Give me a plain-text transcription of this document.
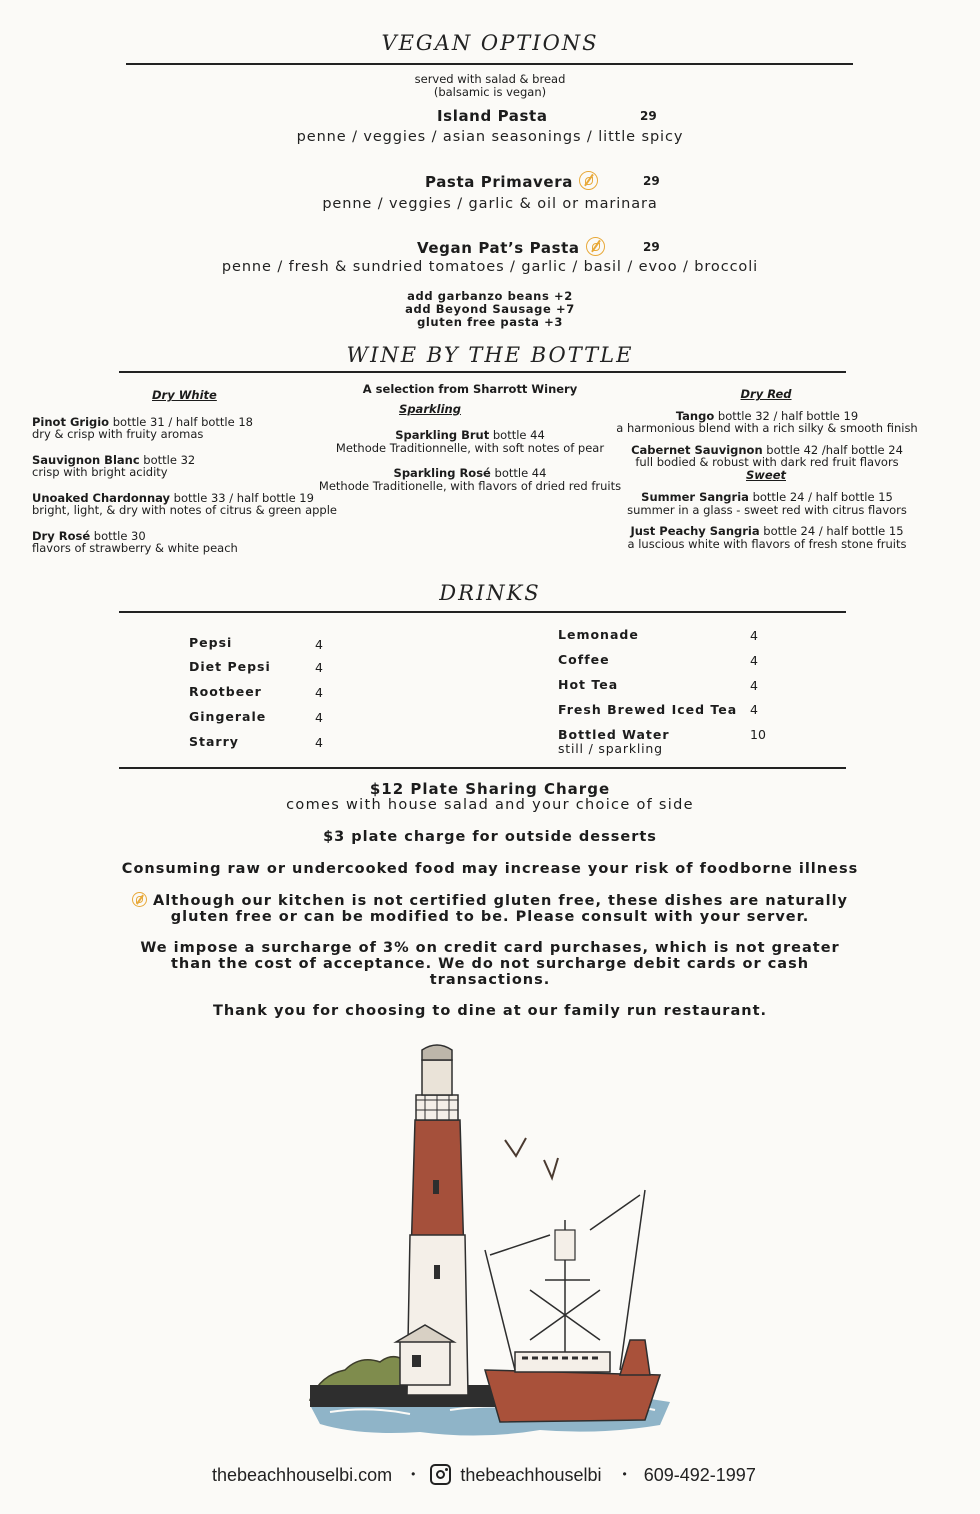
VEGAN OPTIONS
served with salad & bread
(balsamic is vegan)
Island Pasta	29
penne / veggies / asian seasonings / little spicy
Pasta Primavera	29
penne / veggies / garlic & oil or marinara
Vegan Pat’s Pasta	29
penne / fresh & sundried tomatoes / garlic / basil / evoo / broccoli
add garbanzo beans +2
add Beyond Sausage +7
gluten free pasta +3
WINE BY THE BOTTLE
Dry White
Pinot Grigio bottle 31 / half bottle 18
dry & crisp with fruity aromas
Sauvignon Blanc bottle 32
crisp with bright acidity
Unoaked Chardonnay bottle 33 / half bottle 19
bright, light, & dry with notes of citrus & green apple
Dry Rosé bottle 30
flavors of strawberry & white peach
A selection from Sharrott Winery
Sparkling
Sparkling Brut bottle 44
Methode Traditionnelle, with soft notes of pear
Sparkling Rosé bottle 44
Methode Traditionelle, with flavors of dried red fruits
Dry Red
Tango bottle 32 / half bottle 19
a harmonious blend with a rich silky & smooth finish
Cabernet Sauvignon bottle 42 /half bottle 24
full bodied & robust with dark red fruit flavors
Sweet
Summer Sangria bottle 24 / half bottle 15
summer in a glass - sweet red with citrus flavors
Just Peachy Sangria bottle 24 / half bottle 15
a luscious white with flavors of fresh stone fruits
DRINKS
Pepsi	4
Diet Pepsi	4
Rootbeer	4
Gingerale	4
Starry	4
Lemonade	4
Coffee	4
Hot Tea	4
Fresh Brewed Iced Tea 4
Bottled Water	10
still / sparkling
$12 Plate Sharing Charge
comes with house salad and your choice of side
$3 plate charge for outside desserts
Consuming raw or undercooked food may increase your risk of foodborne illness
Although our kitchen is not certified gluten free, these dishes are naturally
gluten free or can be modified to be. Please consult with your server.
We impose a surcharge of 3% on credit card purchases, which is not greater
than the cost of acceptance. We do not surcharge debit cards or cash
transactions.
Thank you for choosing to dine at our family run restaurant.
thebeachhouselbi.com •	thebeachhouselbi • 609-492-1997
